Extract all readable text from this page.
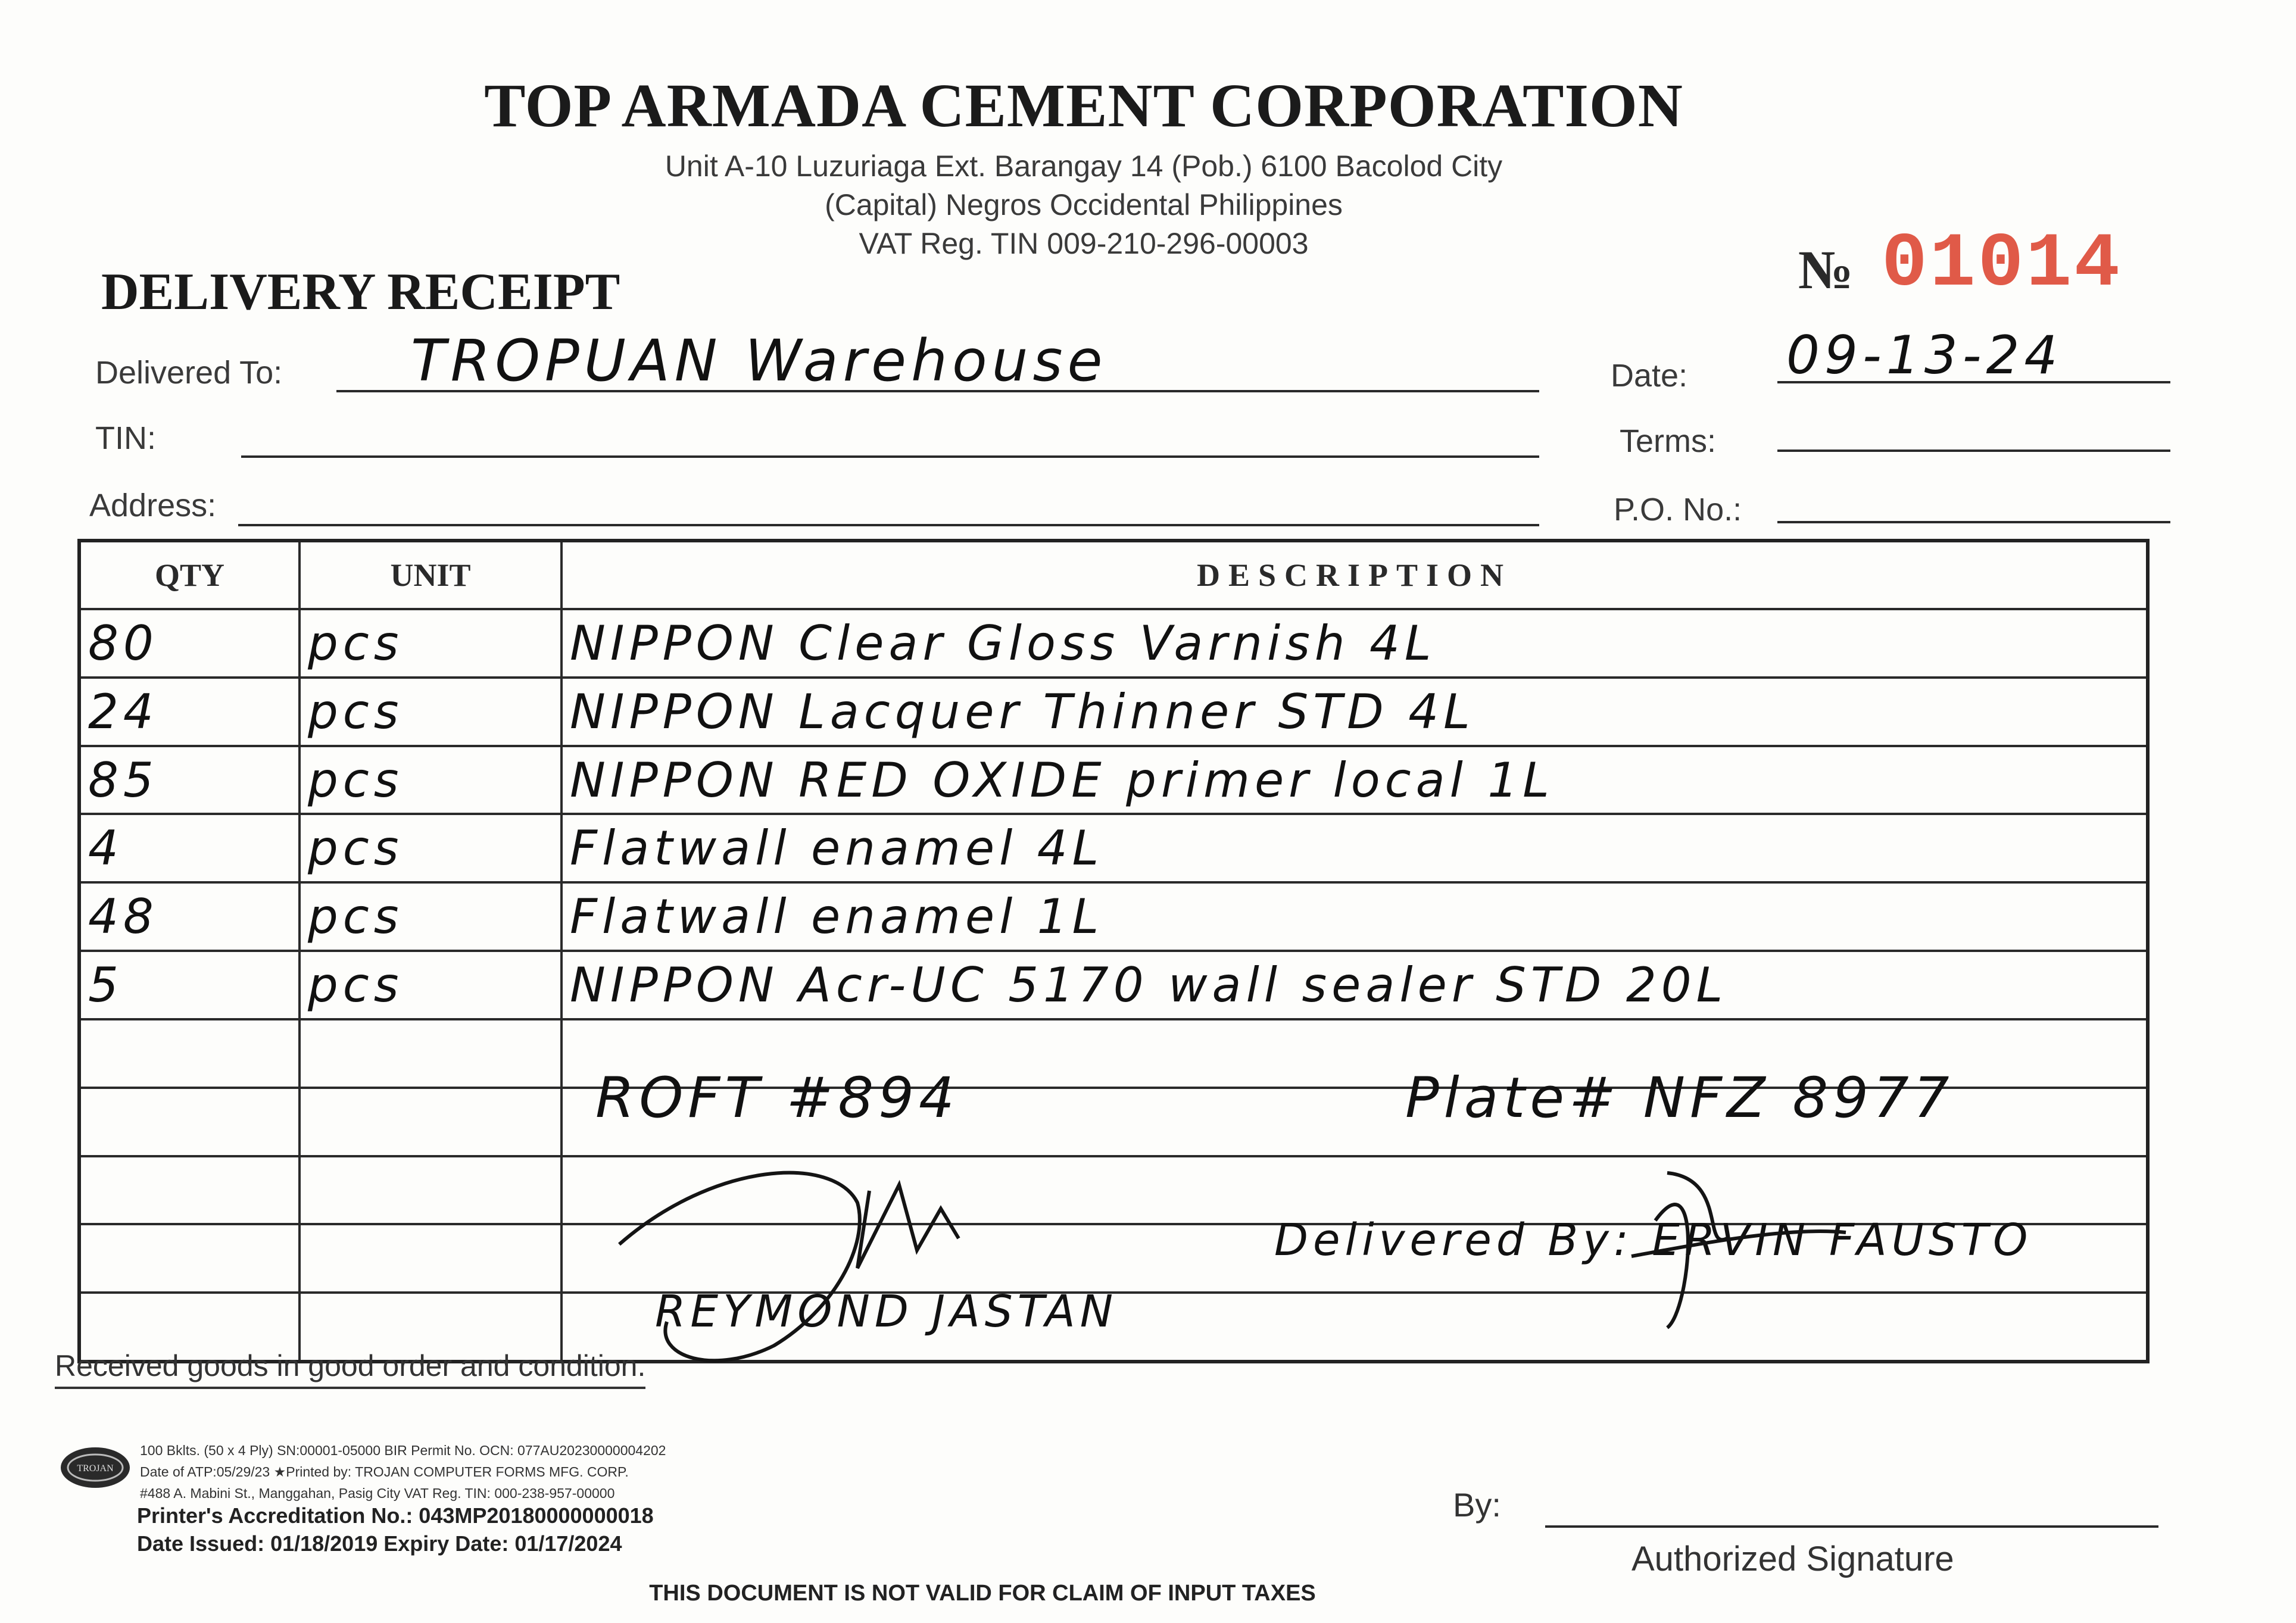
TOP ARMADA CEMENT CORPORATION
Unit A-10 Luzuriaga Ext. Barangay 14 (Pob.) 6100 Bacolod City
(Capital) Negros Occidental Philippines
VAT Reg. TIN 009-210-296-00003
DELIVERY RECEIPT	№ 01014
Delivered To: TROPUAN Warehouse
TIN:
Address:
Date: 09-13-24
Terms:
P.O. No.:
QTY	UNIT	DESCRIPTION
80	pcs	NIPPON Clear Gloss Varnish 4L
24	pcs	NIPPON Lacquer Thinner STD 4L
85	pcs	NIPPON RED OXIDE primer local 1L
4	pcs	Flatwall enamel 4L
48	pcs	Flatwall enamel 1L
5	pcs	NIPPON Acr-UC 5170 wall sealer STD 20L

ROFT #894	Plate# NFZ 8977
Delivered By: ERVIN FAUSTO
REYMOND JASTAN
Received goods in good order and condition.
TROJAN
100 Bklts. (50 x 4 Ply) SN:00001-05000 BIR Permit No. OCN: 077AU20230000004202
Date of ATP:05/29/23 ★Printed by: TROJAN COMPUTER FORMS MFG. CORP.
#488 A. Mabini St., Manggahan, Pasig City VAT Reg. TIN: 000-238-957-00000
Printer's Accreditation No.: 043MP20180000000018
Date Issued: 01/18/2019 Expiry Date: 01/17/2024
THIS DOCUMENT IS NOT VALID FOR CLAIM OF INPUT TAXES
By:
Authorized Signature
